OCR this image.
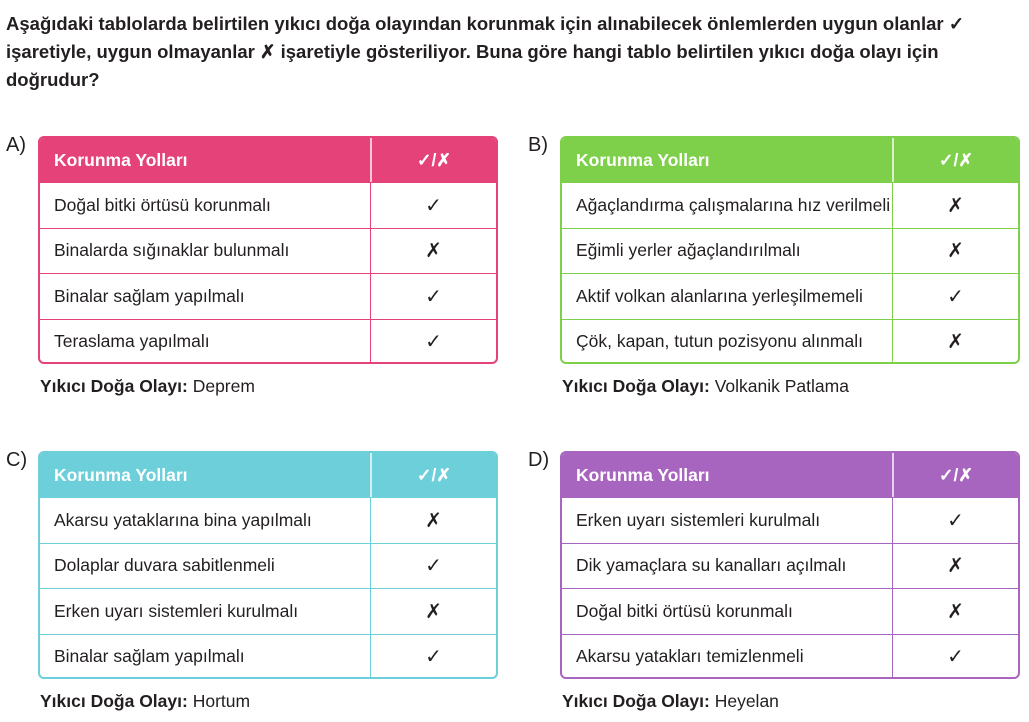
Aşağıdaki tablolarda belirtilen yıkıcı doğa olayından korunmak için alınabilecek önlemlerden uygun olanlar ✓ işaretiyle, uygun olmayanlar ✗ işaretiyle gösteriliyor. Buna göre hangi tablo belirtilen yıkıcı doğa olayı için doğrudur?
A)
Korunma Yolları	✓/✗
Doğal bitki örtüsü korunmalı	✓
Binalarda sığınaklar bulunmalı	✗
Binalar sağlam yapılmalı	✓
Teraslama yapılmalı	✓
Yıkıcı Doğa Olayı: Deprem
B)
Korunma Yolları	✓/✗
Ağaçlandırma çalışmalarına hız verilmeli	✗
Eğimli yerler ağaçlandırılmalı	✗
Aktif volkan alanlarına yerleşilmemeli	✓
Çök, kapan, tutun pozisyonu alınmalı	✗
Yıkıcı Doğa Olayı: Volkanik Patlama
C)
Korunma Yolları	✓/✗
Akarsu yataklarına bina yapılmalı	✗
Dolaplar duvara sabitlenmeli	✓
Erken uyarı sistemleri kurulmalı	✗
Binalar sağlam yapılmalı	✓
Yıkıcı Doğa Olayı: Hortum
D)
Korunma Yolları	✓/✗
Erken uyarı sistemleri kurulmalı	✓
Dik yamaçlara su kanalları açılmalı	✗
Doğal bitki örtüsü korunmalı	✗
Akarsu yatakları temizlenmeli	✓
Yıkıcı Doğa Olayı: Heyelan
